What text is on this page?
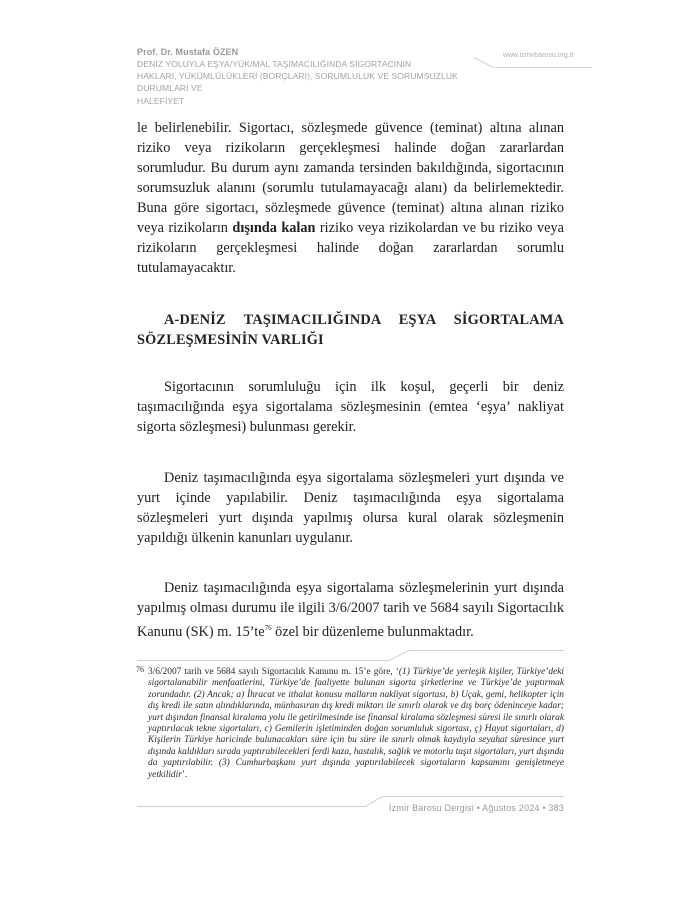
Prof. Dr. Mustafa ÖZEN
DENİZ YOLUYLA EŞYA/YÜK/MAL TAŞIMACILIĞINDA SİGORTACININ
HAKLARI, YÜKÜMLÜLÜKLERİ (BORÇLARI), SORUMLULUK VE SORUMSUZLUK DURUMLARI VE
HALEFİYET
www.izmirbarosu.org.tr

le belirlenebilir. Sigortacı, sözleşmede güvence (teminat) altına alınan riziko veya rizikoların gerçekleşmesi halinde doğan zararlardan sorumludur. Bu durum aynı zamanda tersinden bakıldığında, sigortacının sorumsuzluk alanını (sorumlu tutulamayacağı alanı) da belirlemektedir. Buna göre sigortacı, sözleşmede güvence (teminat) altına alınan riziko veya rizikoların dışında kalan riziko veya rizikolardan ve bu riziko veya rizikoların gerçekleşmesi halinde doğan zararlardan sorumlu tutulamayacaktır.

A-DENİZ TAŞIMACILIĞINDA EŞYA SİGORTALAMA SÖZLEŞMESİNİN VARLIĞI

Sigortacının sorumluluğu için ilk koşul, geçerli bir deniz taşımacılığında eşya sigortalama sözleşmesinin (emtea ‘eşya’ nakliyat sigorta sözleşmesi) bulunması gerekir.

Deniz taşımacılığında eşya sigortalama sözleşmeleri yurt dışında ve yurt içinde yapılabilir. Deniz taşımacılığında eşya sigortalama sözleşmeleri yurt dışında yapılmış olursa kural olarak sözleşmenin yapıldığı ülkenin kanunları uygulanır.

Deniz taşımacılığında eşya sigortalama sözleşmelerinin yurt dışında yapılmış olması durumu ile ilgili 3/6/2007 tarih ve 5684 sayılı Sigortacılık Kanunu (SK) m. $15’te^{76}$ özel bir düzenleme bulunmaktadır.

76 3/6/2007 tarih ve 5684 sayılı Sigortacılık Kanunu m. 15’e göre, ‘(1) Türkiye’de yerleşik kişiler, Türkiye’deki sigortalanabilir menfaatlerini, Türkiye’de faaliyette bulunan sigorta şirketlerine ve Türkiye’de yaptırmak zorundadır. (2) Ancak; a) İhracat ve ithalat konusu malların nakliyat sigortası, b) Uçak, gemi, helikopter için dış kredi ile satın alındıklarında, münhasıran dış kredi miktarı ile sınırlı olarak ve dış borç ödeninceye kadar; yurt dışından finansal kiralama yolu ile getirilmesinde ise finansal kiralama sözleşmesi süresi ile sınırlı olarak yaptırılacak tekne sigortaları, c) Gemilerin işletiminden doğan sorumluluk sigortası, ç) Hayat sigortaları, d) Kişilerin Türkiye haricinde bulunacakları süre için bu süre ile sınırlı olmak kaydıyla seyahat süresince yurt dışında kaldıkları sırada yaptırabilecekleri ferdi kaza, hastalık, sağlık ve motorlu taşıt sigortaları, yurt dışında da yaptırılabilir. (3) Cumhurbaşkanı yurt dışında yaptırılabilecek sigortaların kapsamını genişletmeye yetkilidir’.
İzmir Barosu Dergisi • Ağustos 2024 • 383
